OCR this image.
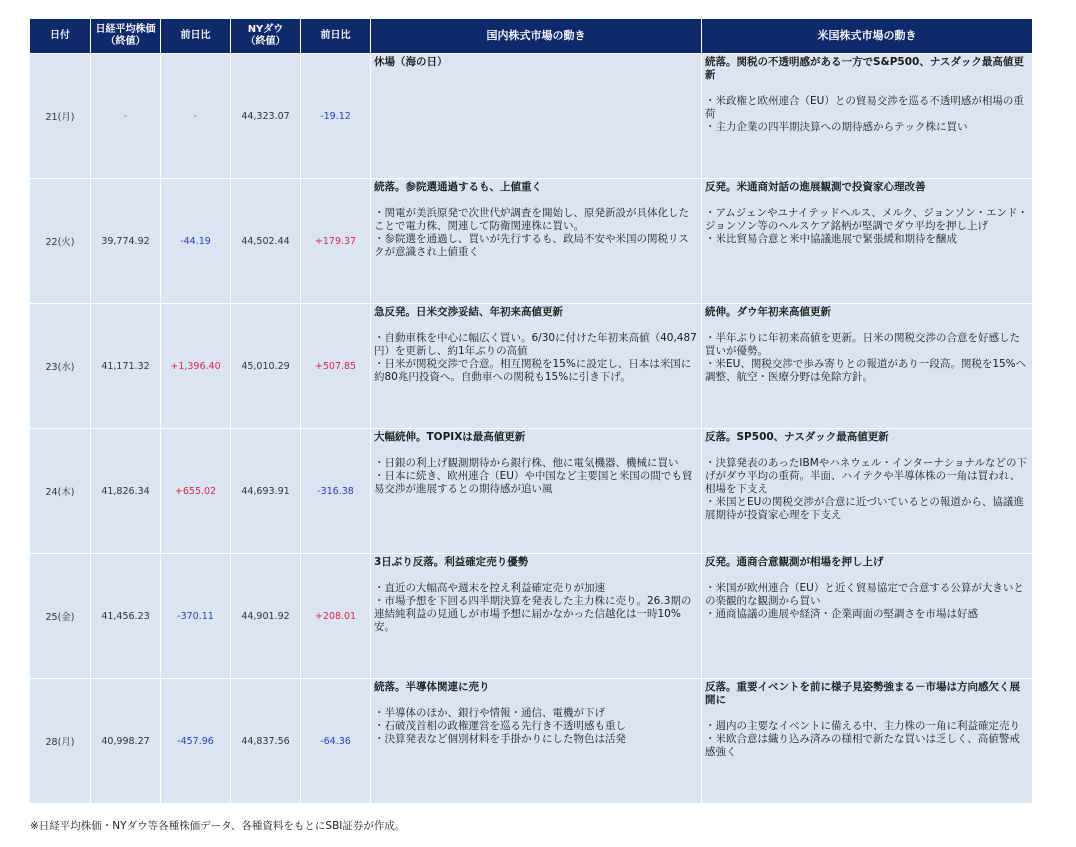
日付	日経平均株価
（終値）	前日比	NYダウ
（終値）	前日比	国内株式市場の動き	米国株式市場の動き
21(月)	-	-	44,323.07	-19.12	休場（海の日）	続落。関税の不透明感がある一方でS&P500、ナスダック最高値更新
・米政権と欧州連合（EU）との貿易交渉を巡る不透明感が相場の重荷
・主力企業の四半期決算への期待感からテック株に買い

22(火)	39,774.92	-44.19	44,502.44	+179.37	続落。参院選通過するも、上値重く
・関電が美浜原発で次世代炉調査を開始し、原発新設が具体化したことで電力株、関連して防衛関連株に買い。
・参院選を通過し、買いが先行するも、政局不安や米国の関税リスクが意識され上値重く	反発。米通商対話の進展観測で投資家心理改善
・アムジェンやユナイテッドヘルス、メルク、ジョンソン・エンド・ジョンソン等のヘルスケア銘柄が堅調でダウ平均を押し上げ
・米比貿易合意と米中協議進展で緊張緩和期待を醸成

23(水)	41,171.32	+1,396.40	45,010.29	+507.85	急反発。日米交渉妥結、年初来高値更新
・自動車株を中心に幅広く買い。6/30に付けた年初来高値（40,487円）を更新し、約1年ぶりの高値
・日米が関税交渉で合意。相互関税を15%に設定し、日本は米国に約80兆円投資へ。自動車への関税も15%に引き下げ。	続伸。ダウ年初来高値更新
・半年ぶりに年初来高値を更新。日米の関税交渉の合意を好感した買いが優勢。
・米EU、関税交渉で歩み寄りとの報道があり一段高。関税を15%へ調整、航空・医療分野は免除方針。

24(木)	41,826.34	+655.02	44,693.91	-316.38	大幅続伸。TOPIXは最高値更新
・日銀の利上げ観測期待から銀行株、他に電気機器、機械に買い
・日本に続き、欧州連合（EU）や中国など主要国と米国の間でも貿易交渉が進展するとの期待感が追い風	反落。SP500、ナスダック最高値更新
・決算発表のあったIBMやハネウェル・インターナショナルなどの下げがダウ平均の重荷。半面、ハイテクや半導体株の一角は買われ、相場を下支え
・米国とEUの関税交渉が合意に近づいているとの報道から、協議進展期待が投資家心理を下支え

25(金)	41,456.23	-370.11	44,901.92	+208.01	3日ぶり反落。利益確定売り優勢
・直近の大幅高や週末を控え利益確定売りが加速
・市場予想を下回る四半期決算を発表した主力株に売り。26.3期の連結純利益の見通しが市場予想に届かなかった信越化は一時10%安。	反発。通商合意観測が相場を押し上げ
・米国が欧州連合（EU）と近く貿易協定で合意する公算が大きいとの楽観的な観測から買い
・通商協議の進展や経済・企業両面の堅調さを市場は好感

28(月)	40,998.27	-457.96	44,837.56	-64.36	続落。半導体関連に売り
・半導体のほか、銀行や情報・通信、電機が下げ
・石破茂首相の政権運営を巡る先行き不透明感も重し
・決算発表など個別材料を手掛かりにした物色は活発	反落。重要イベントを前に様子見姿勢強まる－市場は方向感欠く展開に
・週内の主要なイベントに備える中、主力株の一角に利益確定売り
・米欧合意は織り込み済みの様相で新たな買いは乏しく、高値警戒感強く
※日経平均株価・NYダウ等各種株価データ、各種資料をもとにSBI証券が作成。
